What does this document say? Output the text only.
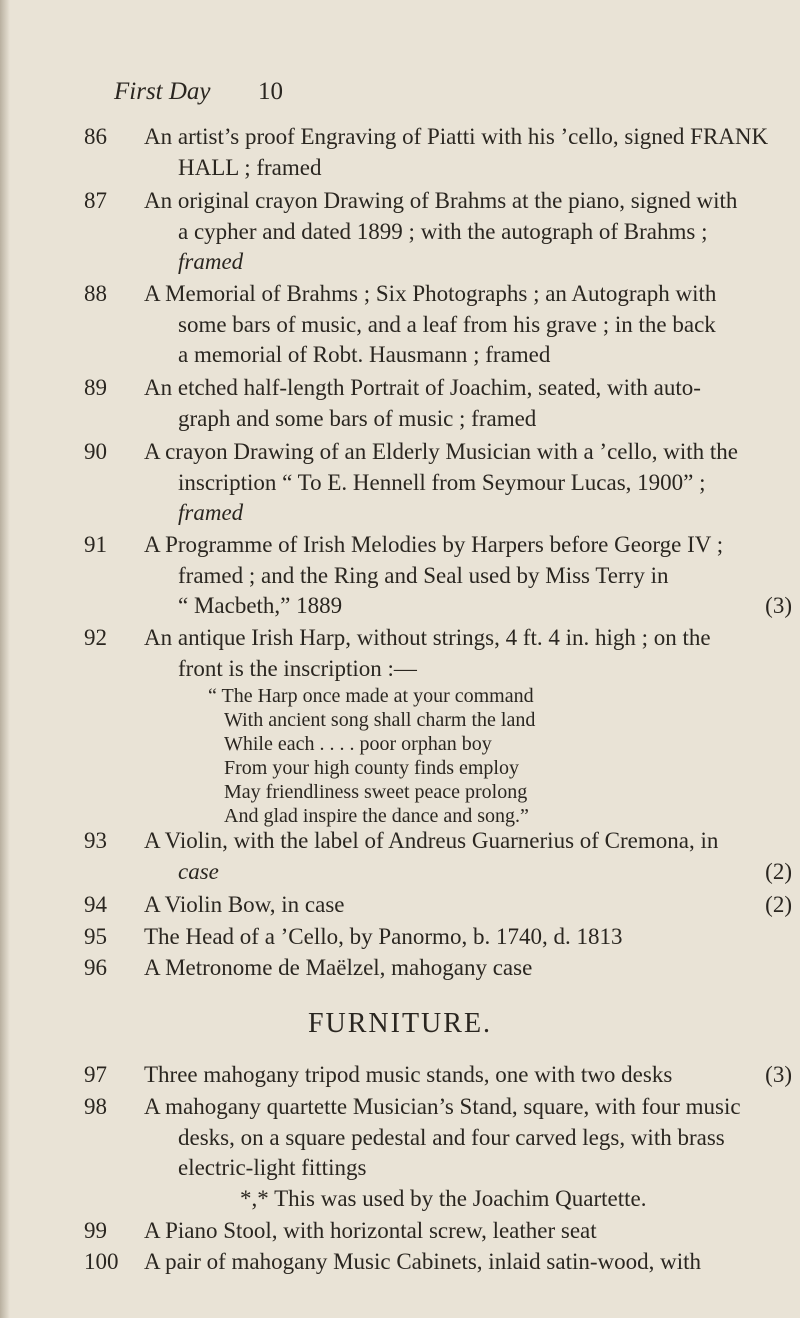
First Day 10
86	An artist’s proof Engraving of Piatti with his ’cello, signed FRANK
HALL ; framed
87	An original crayon Drawing of Brahms at the piano, signed with
a cypher and dated 1899 ; with the autograph of Brahms ;
framed
88	A Memorial of Brahms ; Six Photographs ; an Autograph with
some bars of music, and a leaf from his grave ; in the back
a memorial of Robt. Hausmann ; framed
89	An etched half-length Portrait of Joachim, seated, with auto-
graph and some bars of music ; framed
90	A crayon Drawing of an Elderly Musician with a ’cello, with the
inscription “ To E. Hennell from Seymour Lucas, 1900” ;
framed
91	A Programme of Irish Melodies by Harpers before George IV ;
framed ; and the Ring and Seal used by Miss Terry in
“ Macbeth,” 1889	(3)
92	An antique Irish Harp, without strings, 4 ft. 4 in. high ; on the
front is the inscription :—
“ The Harp once made at your command
With ancient song shall charm the land
While each . . . . poor orphan boy
From your high county finds employ
May friendliness sweet peace prolong
And glad inspire the dance and song.”
93	A Violin, with the label of Andreus Guarnerius of Cremona, in
case	(2)
94	A Violin Bow, in case	(2)
95	The Head of a ’Cello, by Panormo, b. 1740, d. 1813
96	A Metronome de Maëlzel, mahogany case
FURNITURE.
97	Three mahogany tripod music stands, one with two desks	(3)
98	A mahogany quartette Musician’s Stand, square, with four music
desks, on a square pedestal and four carved legs, with brass
electric-light fittings
*,* This was used by the Joachim Quartette.
99	A Piano Stool, with horizontal screw, leather seat
100	A pair of mahogany Music Cabinets, inlaid satin-wood, with
